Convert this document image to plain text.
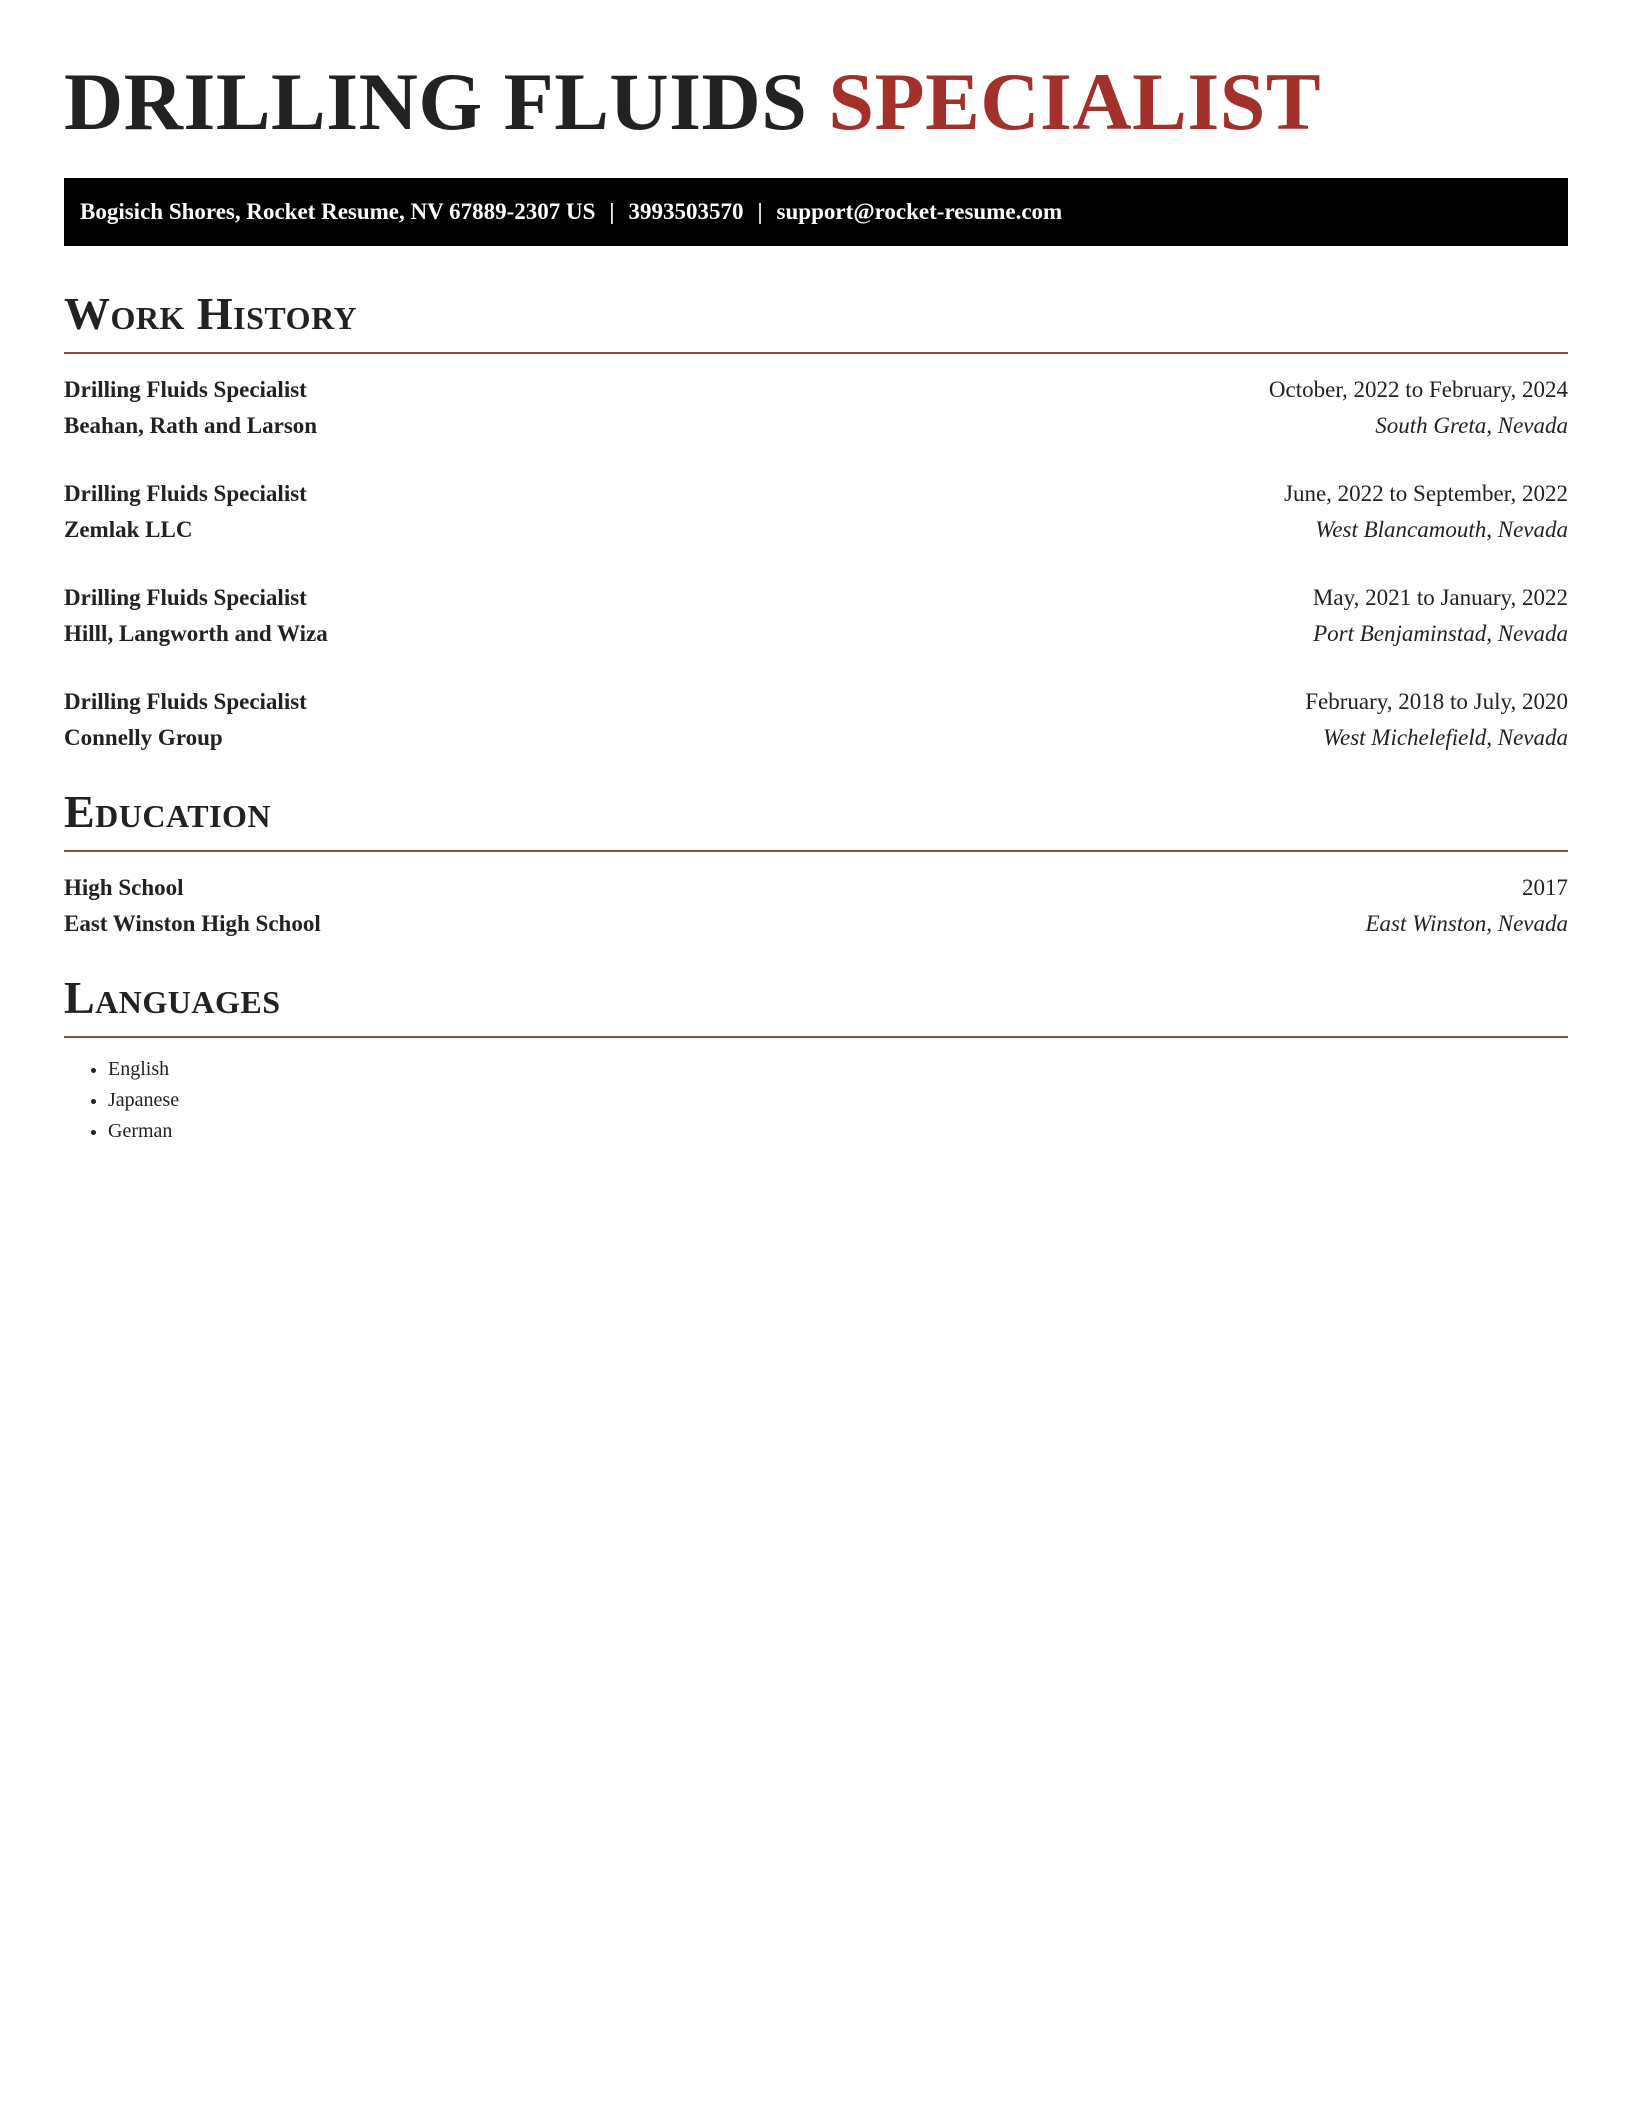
DRILLING FLUIDS SPECIALIST
Bogisich Shores, Rocket Resume, NV 67889-2307 US | 3993503570 | support@rocket-resume.com
Work History
Drilling Fluids Specialist	October, 2022 to February, 2024
Beahan, Rath and Larson	South Greta, Nevada
Drilling Fluids Specialist	June, 2022 to September, 2022
Zemlak LLC	West Blancamouth, Nevada
Drilling Fluids Specialist	May, 2021 to January, 2022
Hilll, Langworth and Wiza	Port Benjaminstad, Nevada
Drilling Fluids Specialist	February, 2018 to July, 2020
Connelly Group	West Michelefield, Nevada
Education
High School	2017
East Winston High School	East Winston, Nevada
Languages
• English
• Japanese
• German
